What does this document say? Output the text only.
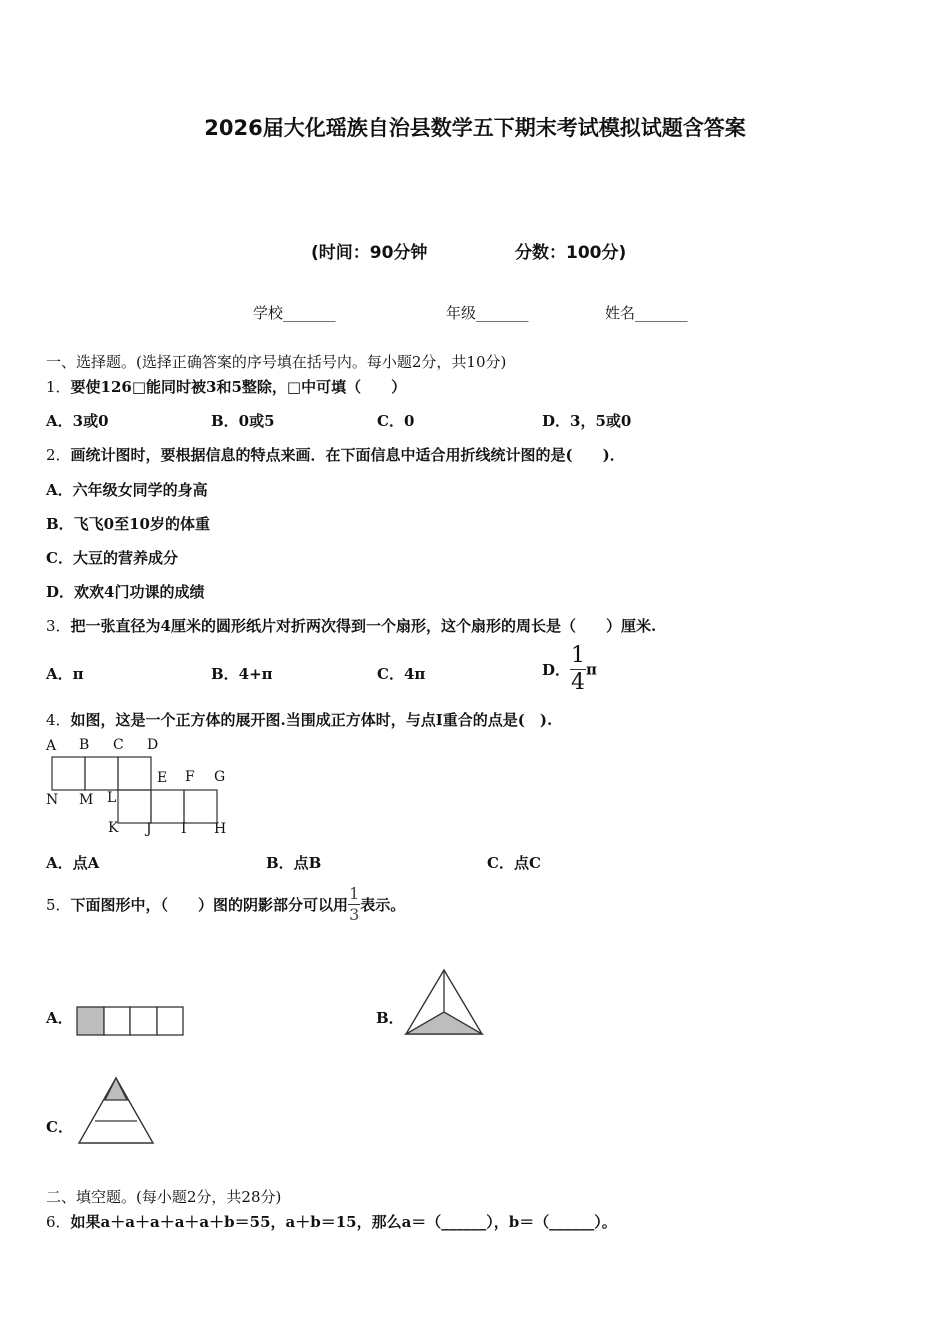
2026届大化瑶族自治县数学五下期末考试模拟试题含答案
(时间：90分钟	分数：100分)
学校_______	年级_______	姓名_______
一、选择题。(选择正确答案的序号填在括号内。每小题2分，共10分)
1．要使126□能同时被3和5整除，□中可填（　　）
A．3或0	B．0或5	C．0	D．3，5或0
2．画统计图时，要根据信息的特点来画．在下面信息中适合用折线统计图的是(　　)．
A．六年级女同学的身高
B．飞飞0至10岁的体重
C．大豆的营养成分
D．欢欢4门功课的成绩
3．把一张直径为4厘米的圆形纸片对折两次得到一个扇形，这个扇形的周长是（　　）厘米.
A．π	B．4+π	C．4π	D． $\frac{1}{4}$ π
4．如图，这是一个正方体的展开图.当围成正方体时，与点I重合的点是(　).
A B C D
E F G
N M L
K J I H
A．点A	B．点B	C．点C
5．下面图形中，（　　）图的阴影部分可以用 $\frac{1}{3}$ 表示。
A．	B．
C．
二、填空题。(每小题2分，共28分)
6．如果a＋a＋a＋a＋a＋b＝55，a＋b＝15，那么a＝（______），b＝（______）。
